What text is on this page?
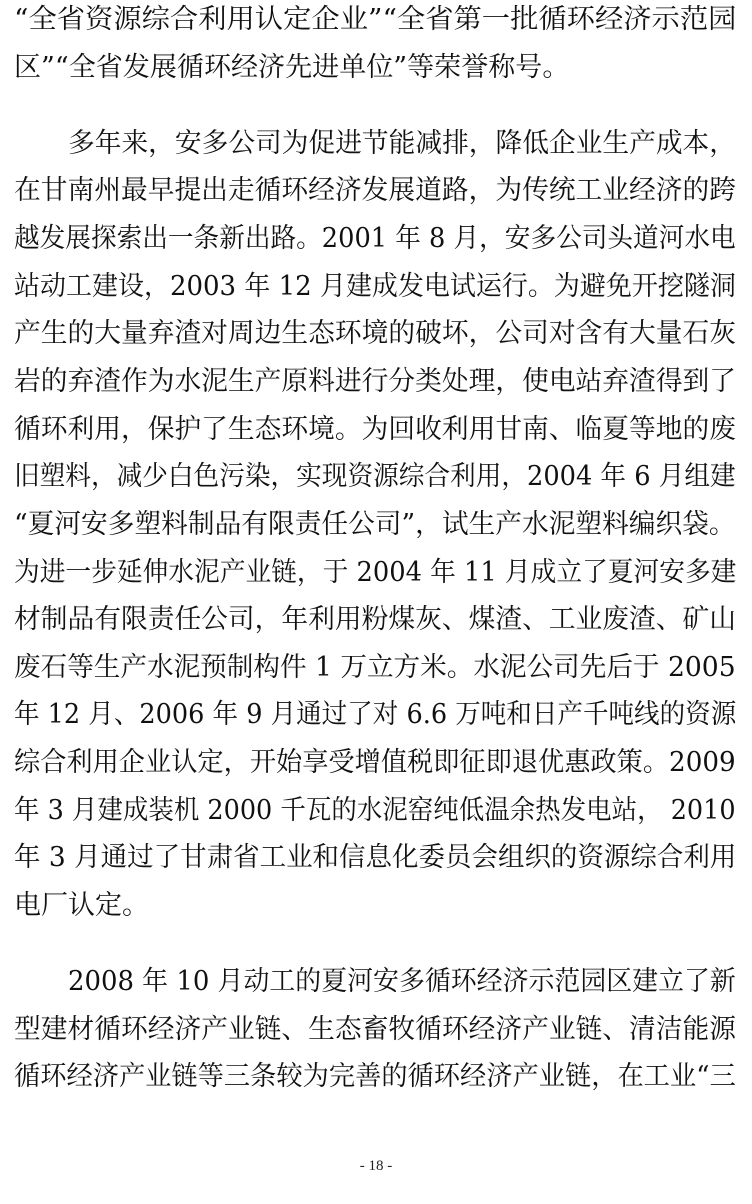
“全省资源综合利用认定企业”“全省第一批循环经济示范园
区”“全省发展循环经济先进单位”等荣誉称号。
多年来，安多公司为促进节能减排，降低企业生产成本，
在甘南州最早提出走循环经济发展道路，为传统工业经济的跨
越发展探索出一条新出路。2001 年 8 月，安多公司头道河水电
站动工建设，2003 年 12 月建成发电试运行。为避免开挖隧洞
产生的大量弃渣对周边生态环境的破坏，公司对含有大量石灰
岩的弃渣作为水泥生产原料进行分类处理，使电站弃渣得到了
循环利用，保护了生态环境。为回收利用甘南、临夏等地的废
旧塑料，减少白色污染，实现资源综合利用，2004 年 6 月组建
“夏河安多塑料制品有限责任公司”，试生产水泥塑料编织袋。
为进一步延伸水泥产业链，于 2004 年 11 月成立了夏河安多建
材制品有限责任公司，年利用粉煤灰、煤渣、工业废渣、矿山
废石等生产水泥预制构件 1 万立方米。水泥公司先后于 2005
年 12 月、2006 年 9 月通过了对 6.6 万吨和日产千吨线的资源
综合利用企业认定，开始享受增值税即征即退优惠政策。2009
年 3 月建成装机 2000 千瓦的水泥窑纯低温余热发电站， 2010
年 3 月通过了甘肃省工业和信息化委员会组织的资源综合利用
电厂认定。
2008 年 10 月动工的夏河安多循环经济示范园区建立了新
型建材循环经济产业链、生态畜牧循环经济产业链、清洁能源
循环经济产业链等三条较为完善的循环经济产业链，在工业“三
- 18 -
